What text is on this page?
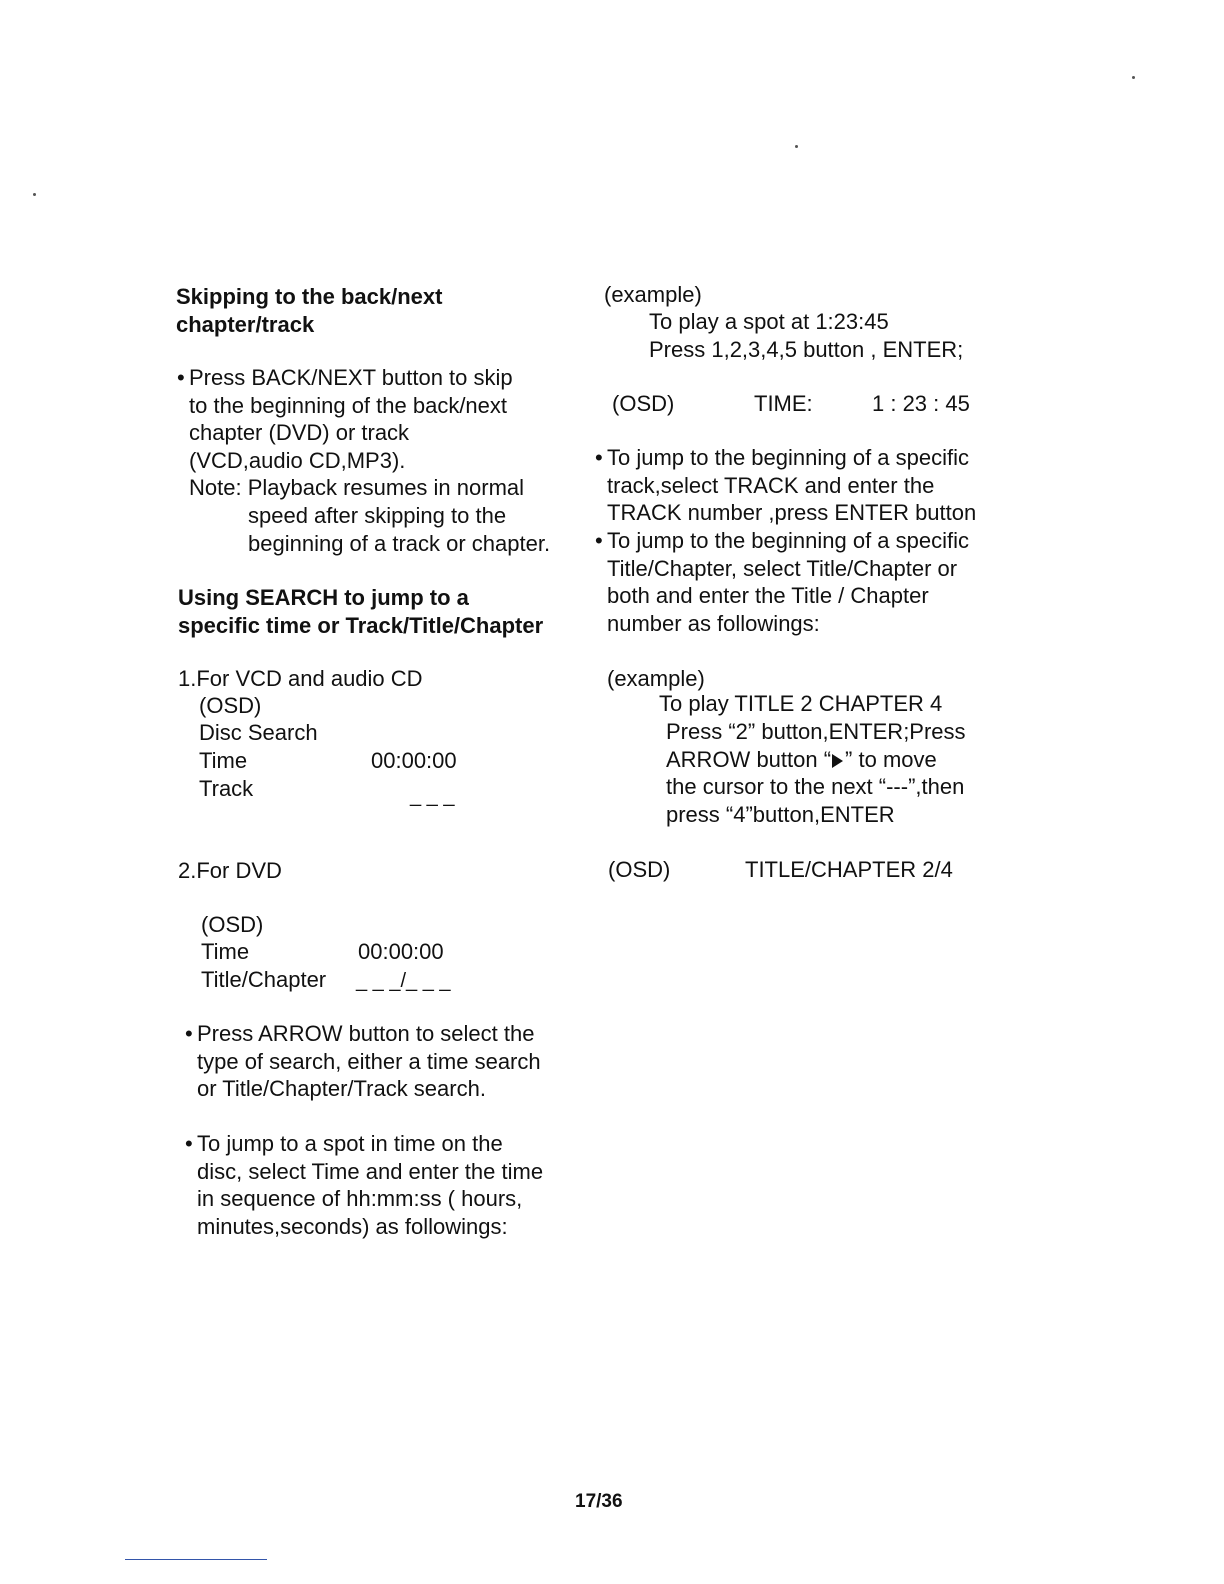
Skipping to the back/next
chapter/track
• Press BACK/NEXT button to skip
to the beginning of the back/next
chapter (DVD) or track
(VCD,audio CD,MP3).
Note: Playback resumes in normal
speed after skipping to the
beginning of a track or chapter.
Using SEARCH to jump to a
specific time or Track/Title/Chapter
1.For VCD and audio CD
(OSD)
Disc Search
Time	00:00:00
Track	_ _ _
2.For DVD
(OSD)
Time	00:00:00
Title/Chapter _ _ _/_ _ _
• Press ARROW button to select the
type of search, either a time search
or Title/Chapter/Track search.
• To jump to a spot in time on the
disc, select Time and enter the time
in sequence of hh:mm:ss ( hours,
minutes,seconds) as followings:
(example)
To play a spot at 1:23:45
Press 1,2,3,4,5 button , ENTER;
(OSD)	TIME:	1 : 23 : 45
• To jump to the beginning of a specific
track,select TRACK and enter the
TRACK number ,press ENTER button
• To jump to the beginning of a specific
Title/Chapter, select Title/Chapter or
both and enter the Title / Chapter
number as followings:
(example)
To play TITLE 2 CHAPTER 4
Press “2” button,ENTER;Press
ARROW button “ ” to move
the cursor to the next “---”,then
press “4”button,ENTER
(OSD)	TITLE/CHAPTER 2/4
17/36
